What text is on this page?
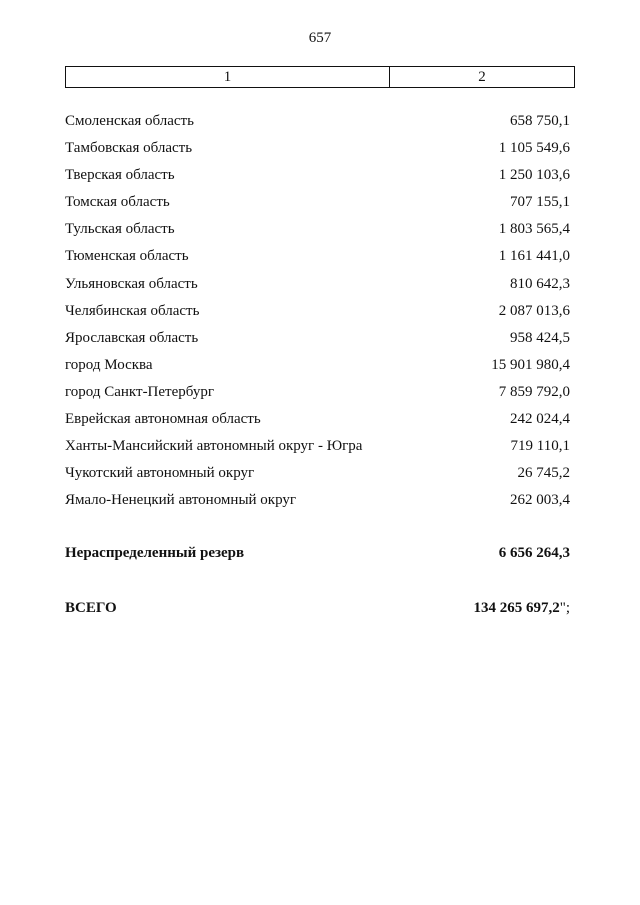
657
1	2
Смоленская область	658 750,1
Тамбовская область	1 105 549,6
Тверская область	1 250 103,6
Томская область	707 155,1
Тульская область	1 803 565,4
Тюменская область	1 161 441,0
Ульяновская область	810 642,3
Челябинская область	2 087 013,6
Ярославская область	958 424,5
город Москва	15 901 980,4
город Санкт-Петербург	7 859 792,0
Еврейская автономная область	242 024,4
Ханты-Мансийский автономный округ - Югра	719 110,1
Чукотский автономный округ	26 745,2
Ямало-Ненецкий автономный округ	262 003,4
Нераспределенный резерв	6 656 264,3
ВСЕГО	134 265 697,2";
